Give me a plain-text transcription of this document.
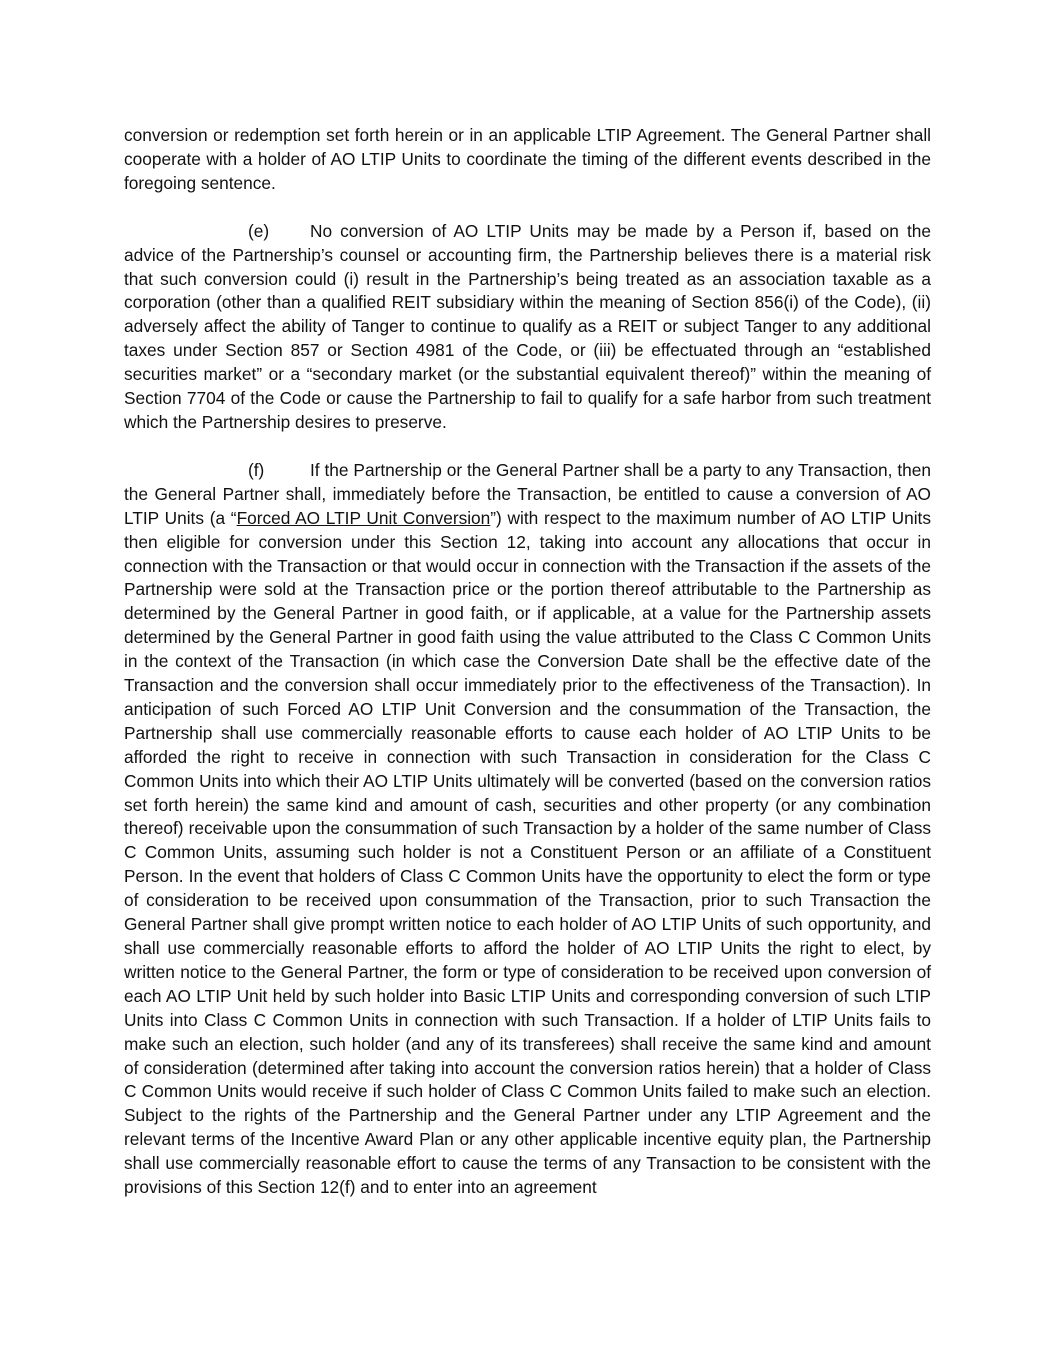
conversion or redemption set forth herein or in an applicable LTIP Agreement. The General Partner shall cooperate with a holder of AO LTIP Units to coordinate the timing of the different events described in the foregoing sentence.

(e) No conversion of AO LTIP Units may be made by a Person if, based on the advice of the Partnership’s counsel or accounting firm, the Partnership believes there is a material risk that such conversion could (i) result in the Partnership’s being treated as an association taxable as a corporation (other than a qualified REIT subsidiary within the meaning of Section 856(i) of the Code), (ii) adversely affect the ability of Tanger to continue to qualify as a REIT or subject Tanger to any additional taxes under Section 857 or Section 4981 of the Code, or (iii) be effectuated through an “established securities market” or a “secondary market (or the substantial equivalent thereof)” within the meaning of Section 7704 of the Code or cause the Partnership to fail to qualify for a safe harbor from such treatment which the Partnership desires to preserve.

(f)	If the Partnership or the General Partner shall be a party to any Transaction, then the General Partner shall, immediately before the Transaction, be entitled to cause a conversion of AO LTIP Units (a “Forced AO LTIP Unit Conversion”) with respect to the maximum number of AO LTIP Units then eligible for conversion under this Section 12, taking into account any allocations that occur in connection with the Transaction or that would occur in connection with the Transaction if the assets of the Partnership were sold at the Transaction price or the portion thereof attributable to the Partnership as determined by the General Partner in good faith, or if applicable, at a value for the Partnership assets determined by the General Partner in good faith using the value attributed to the Class C Common Units in the context of the Transaction (in which case the Conversion Date shall be the effective date of the Transaction and the conversion shall occur immediately prior to the effectiveness of the Transaction). In anticipation of such Forced AO LTIP Unit Conversion and the consummation of the Transaction, the Partnership shall use commercially reasonable efforts to cause each holder of AO LTIP Units to be afforded the right to receive in connection with such Transaction in consideration for the Class C Common Units into which their AO LTIP Units ultimately will be converted (based on the conversion ratios set forth herein) the same kind and amount of cash, securities and other property (or any combination thereof) receivable upon the consummation of such Transaction by a holder of the same number of Class C Common Units, assuming such holder is not a Constituent Person or an affiliate of a Constituent Person. In the event that holders of Class C Common Units have the opportunity to elect the form or type of consideration to be received upon consummation of the Transaction, prior to such Transaction the General Partner shall give prompt written notice to each holder of AO LTIP Units of such opportunity, and shall use commercially reasonable efforts to afford the holder of AO LTIP Units the right to elect, by written notice to the General Partner, the form or type of consideration to be received upon conversion of each AO LTIP Unit held by such holder into Basic LTIP Units and corresponding conversion of such LTIP Units into Class C Common Units in connection with such Transaction. If a holder of LTIP Units fails to make such an election, such holder (and any of its transferees) shall receive the same kind and amount of consideration (determined after taking into account the conversion ratios herein) that a holder of Class C Common Units would receive if such holder of Class C Common Units failed to make such an election. Subject to the rights of the Partnership and the General Partner under any LTIP Agreement and the relevant terms of the Incentive Award Plan or any other applicable incentive equity plan, the Partnership shall use commercially reasonable effort to cause the terms of any Transaction to be consistent with the provisions of this Section 12(f) and to enter into an agreement
